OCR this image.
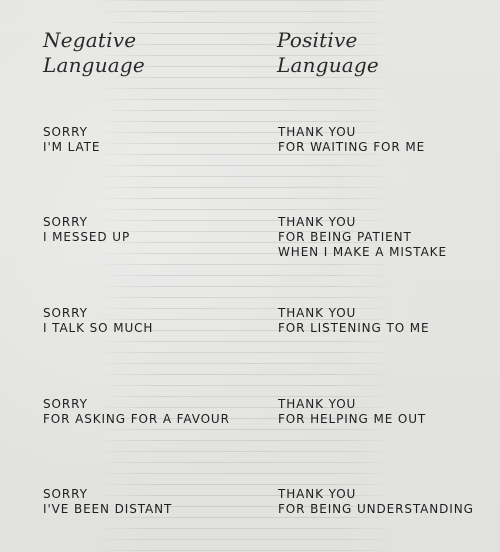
Negative
Language
Positive
Language
SORRY
I'M LATE
THANK YOU
FOR WAITING FOR ME
SORRY
I MESSED UP
THANK YOU
FOR BEING PATIENT
WHEN I MAKE A MISTAKE
SORRY
I TALK SO MUCH
THANK YOU
FOR LISTENING TO ME
SORRY
FOR ASKING FOR A FAVOUR
THANK YOU
FOR HELPING ME OUT
SORRY
I'VE BEEN DISTANT
THANK YOU
FOR BEING UNDERSTANDING
